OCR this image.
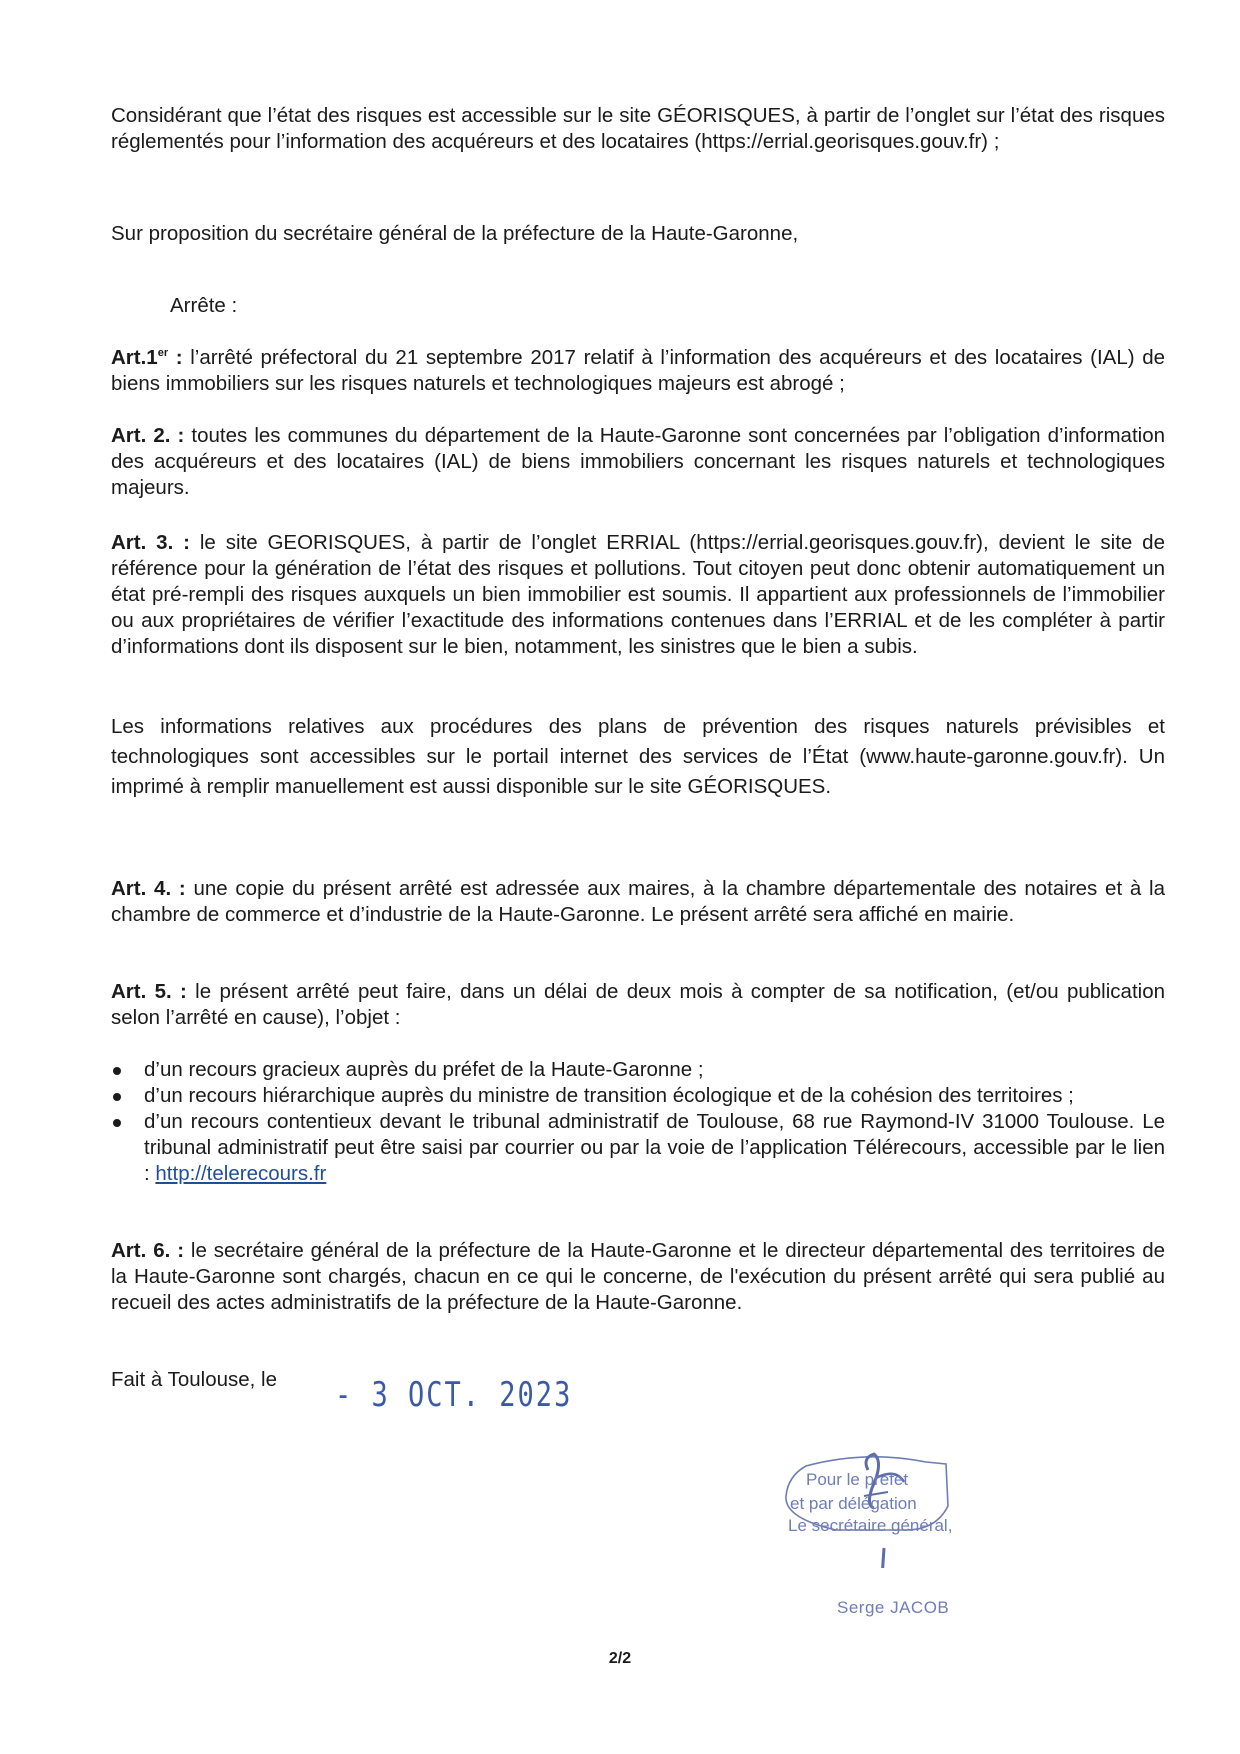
Considérant que l’état des risques est accessible sur le site GÉORISQUES, à partir de l’onglet sur l’état des risques réglementés pour l’information des acquéreurs et des locataires (https://errial.georisques.gouv.fr) ;

Sur proposition du secrétaire général de la préfecture de la Haute-Garonne,

Arrête :

Art.1er : l’arrêté préfectoral du 21 septembre 2017 relatif à l’information des acquéreurs et des locataires (IAL) de biens immobiliers sur les risques naturels et technologiques majeurs est abrogé ;

Art. 2. : toutes les communes du département de la Haute-Garonne sont concernées par l’obligation d’information des acquéreurs et des locataires (IAL) de biens immobiliers concernant les risques naturels et technologiques majeurs.

Art. 3. : le site GEORISQUES, à partir de l’onglet ERRIAL (https://errial.georisques.gouv.fr), devient le site de référence pour la génération de l’état des risques et pollutions. Tout citoyen peut donc obtenir automatiquement un état pré-rempli des risques auxquels un bien immobilier est soumis. Il appartient aux professionnels de l’immobilier ou aux propriétaires de vérifier l’exactitude des informations contenues dans l’ERRIAL et de les compléter à partir d’informations dont ils disposent sur le bien, notamment, les sinistres que le bien a subis.

Les informations relatives aux procédures des plans de prévention des risques naturels prévisibles et technologiques sont accessibles sur le portail internet des services de l’État (www.haute-garonne.gouv.fr). Un imprimé à remplir manuellement est aussi disponible sur le site GÉORISQUES.

Art. 4. : une copie du présent arrêté est adressée aux maires, à la chambre départementale des notaires et à la chambre de commerce et d’industrie de la Haute-Garonne. Le présent arrêté sera affiché en mairie.

Art. 5. : le présent arrêté peut faire, dans un délai de deux mois à compter de sa notification, (et/ou publication selon l’arrêté en cause), l’objet :

d’un recours gracieux auprès du préfet de la Haute-Garonne ;
d’un recours hiérarchique auprès du ministre de transition écologique et de la cohésion des territoires ;
d’un recours contentieux devant le tribunal administratif de Toulouse, 68 rue Raymond-IV 31000 Toulouse. Le tribunal administratif peut être saisi par courrier ou par la voie de l’application Télérecours, accessible par le lien : http://telerecours.fr

Art. 6. : le secrétaire général de la préfecture de la Haute-Garonne et le directeur départemental des territoires de la Haute-Garonne sont chargés, chacun en ce qui le concerne, de l'exécution du présent arrêté qui sera publié au recueil des actes administratifs de la préfecture de la Haute-Garonne.

Fait à Toulouse, le - 3 OCT. 2023
Pour le préfet
et par délégation
Le secrétaire général,
Serge JACOB
2/2
